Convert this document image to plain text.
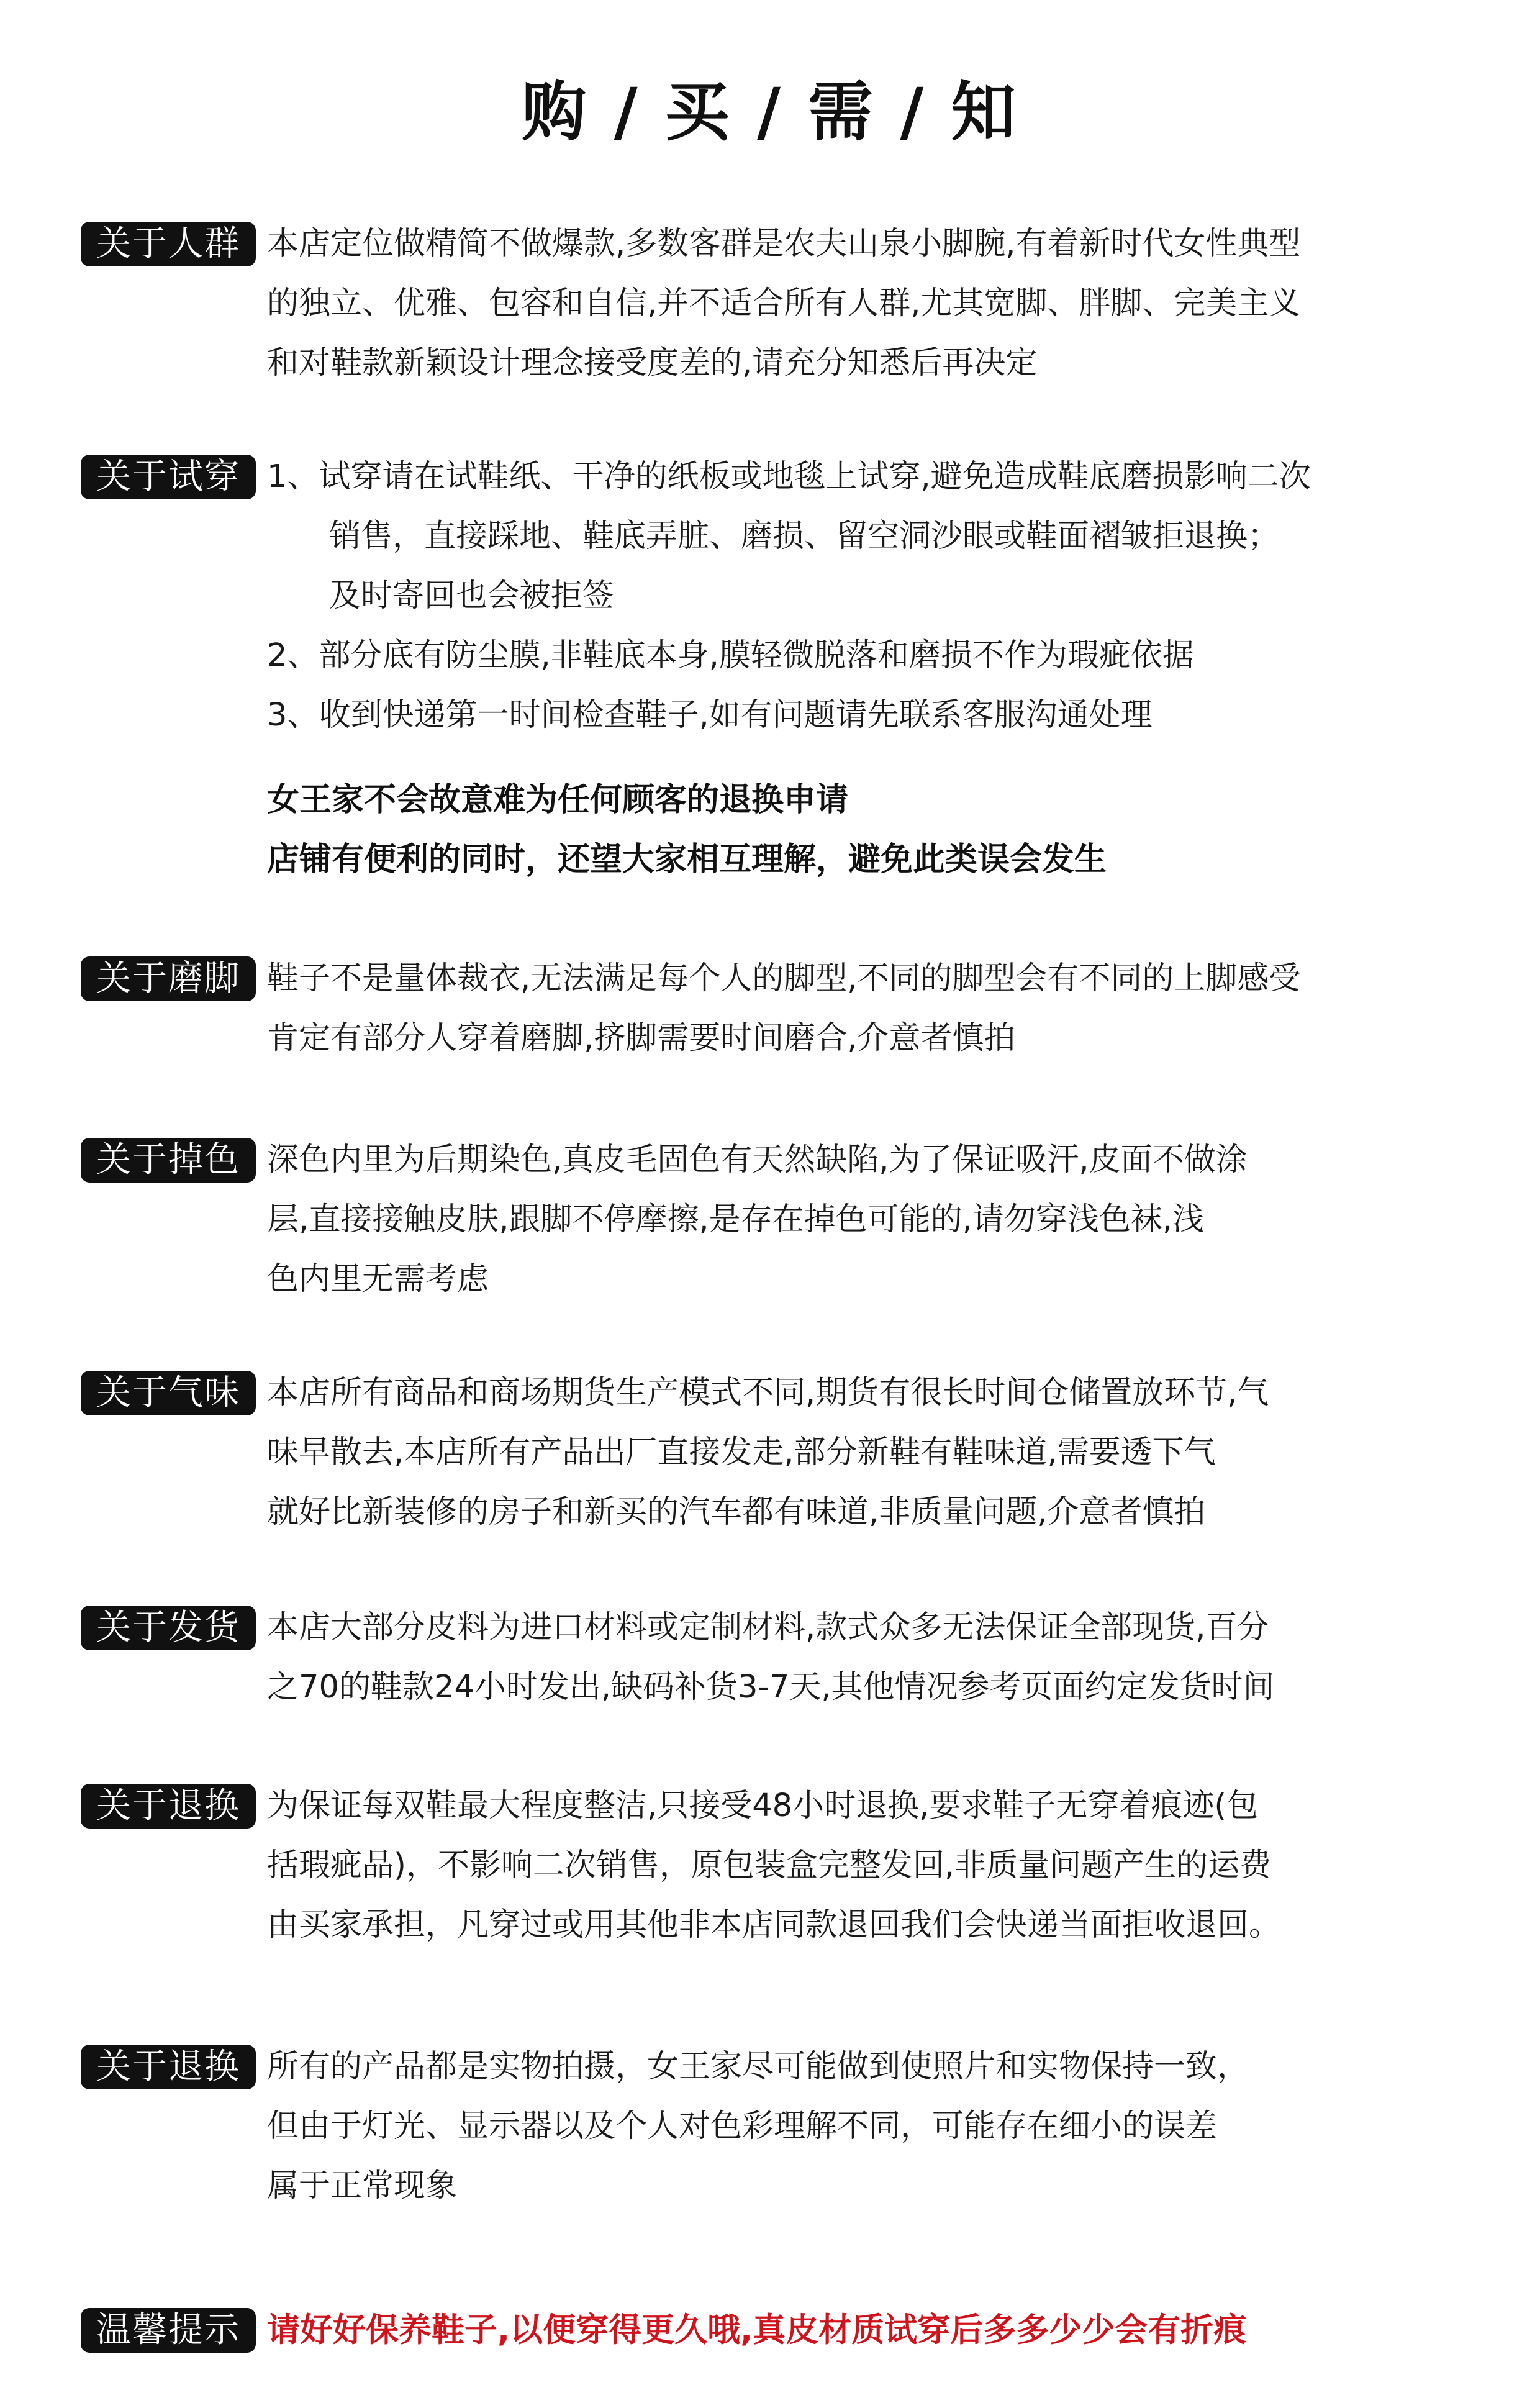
购 / 买 / 需 / 知
关于人群 本店定位做精简不做爆款,多数客群是农夫山泉小脚腕,有着新时代女性典型
的独立、优雅、包容和自信,并不适合所有人群,尤其宽脚、胖脚、完美主义
和对鞋款新颖设计理念接受度差的,请充分知悉后再决定
关于试穿 1、试穿请在试鞋纸、干净的纸板或地毯上试穿,避免造成鞋底磨损影响二次
销售，直接踩地、鞋底弄脏、磨损、留空洞沙眼或鞋面褶皱拒退换；
及时寄回也会被拒签
2、部分底有防尘膜,非鞋底本身,膜轻微脱落和磨损不作为瑕疵依据
3、收到快递第一时间检查鞋子,如有问题请先联系客服沟通处理
女王家不会故意难为任何顾客的退换申请
店铺有便利的同时，还望大家相互理解，避免此类误会发生
关于磨脚 鞋子不是量体裁衣,无法满足每个人的脚型,不同的脚型会有不同的上脚感受
肯定有部分人穿着磨脚,挤脚需要时间磨合,介意者慎拍
关于掉色 深色内里为后期染色,真皮毛固色有天然缺陷,为了保证吸汗,皮面不做涂
层,直接接触皮肤,跟脚不停摩擦,是存在掉色可能的,请勿穿浅色袜,浅
色内里无需考虑
关于气味 本店所有商品和商场期货生产模式不同,期货有很长时间仓储置放环节,气
味早散去,本店所有产品出厂直接发走,部分新鞋有鞋味道,需要透下气
就好比新装修的房子和新买的汽车都有味道,非质量问题,介意者慎拍
关于发货 本店大部分皮料为进口材料或定制材料,款式众多无法保证全部现货,百分
之70的鞋款24小时发出,缺码补货3-7天,其他情况参考页面约定发货时间
关于退换 为保证每双鞋最大程度整洁,只接受48小时退换,要求鞋子无穿着痕迹(包
括瑕疵品)，不影响二次销售，原包装盒完整发回,非质量问题产生的运费
由买家承担，凡穿过或用其他非本店同款退回我们会快递当面拒收退回。
关于退换 所有的产品都是实物拍摄，女王家尽可能做到使照片和实物保持一致，
但由于灯光、显示器以及个人对色彩理解不同，可能存在细小的误差
属于正常现象
温馨提示 请好好保养鞋子,以便穿得更久哦,真皮材质试穿后多多少少会有折痕
